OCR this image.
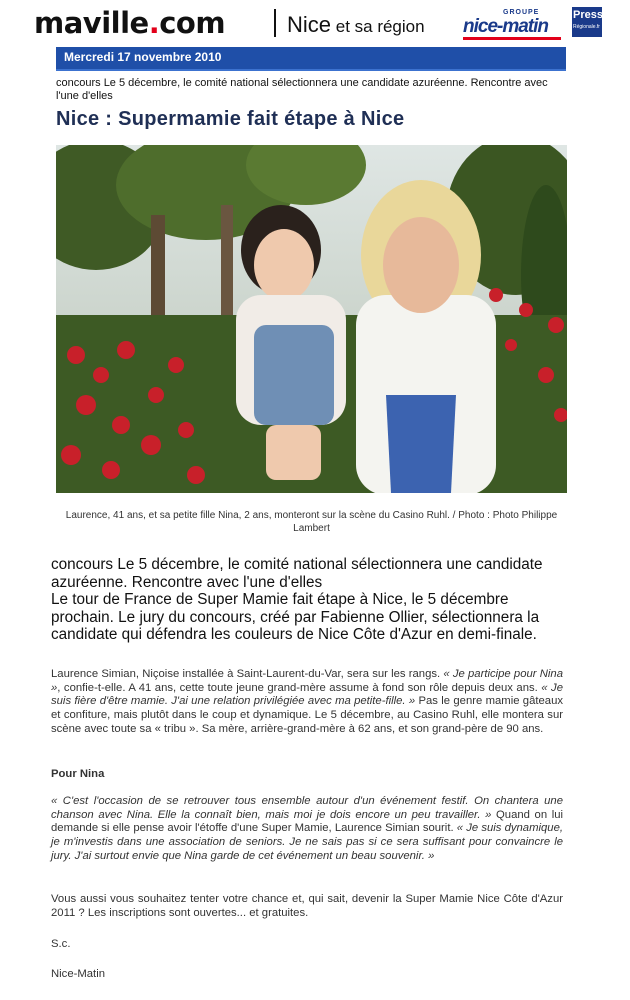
maville.com	Nice et sa région
GROUPE
nice-matin
Presse
Régionale.fr
Mercredi 17 novembre 2010
concours Le 5 décembre, le comité national sélectionnera une candidate azuréenne. Rencontre avec l'une d'elles
Nice : Supermamie fait étape à Nice
Laurence, 41 ans, et sa petite fille Nina, 2 ans, monteront sur la scène du Casino Ruhl. / Photo : Photo Philippe Lambert
concours Le 5 décembre, le comité national sélectionnera une candidate azuréenne. Rencontre avec l'une d'elles
Le tour de France de Super Mamie fait étape à Nice, le 5 décembre prochain. Le jury du concours, créé par Fabienne Ollier, sélectionnera la candidate qui défendra les couleurs de Nice Côte d'Azur en demi-finale.

Laurence Simian, Niçoise installée à Saint-Laurent-du-Var, sera sur les rangs. « Je participe pour Nina », confie-t-elle. A 41 ans, cette toute jeune grand-mère assume à fond son rôle depuis deux ans. « Je suis fière d'être mamie. J'ai une relation privilégiée avec ma petite-fille. » Pas le genre mamie gâteaux et confiture, mais plutôt dans le coup et dynamique. Le 5 décembre, au Casino Ruhl, elle montera sur scène avec toute sa « tribu ». Sa mère, arrière-grand-mère à 62 ans, et son grand-père de 90 ans.

Pour Nina

« C'est l'occasion de se retrouver tous ensemble autour d'un événement festif. On chantera une chanson avec Nina. Elle la connaît bien, mais moi je dois encore un peu travailler. » Quand on lui demande si elle pense avoir l'étoffe d'une Super Mamie, Laurence Simian sourit. « Je suis dynamique, je m'investis dans une association de seniors. Je ne sais pas si ce sera suffisant pour convaincre le jury. J'ai surtout envie que Nina garde de cet événement un beau souvenir. »

Vous aussi vous souhaitez tenter votre chance et, qui sait, devenir la Super Mamie Nice Côte d'Azur 2011 ? Les inscriptions sont ouvertes... et gratuites.

S.c.
Nice-Matin
